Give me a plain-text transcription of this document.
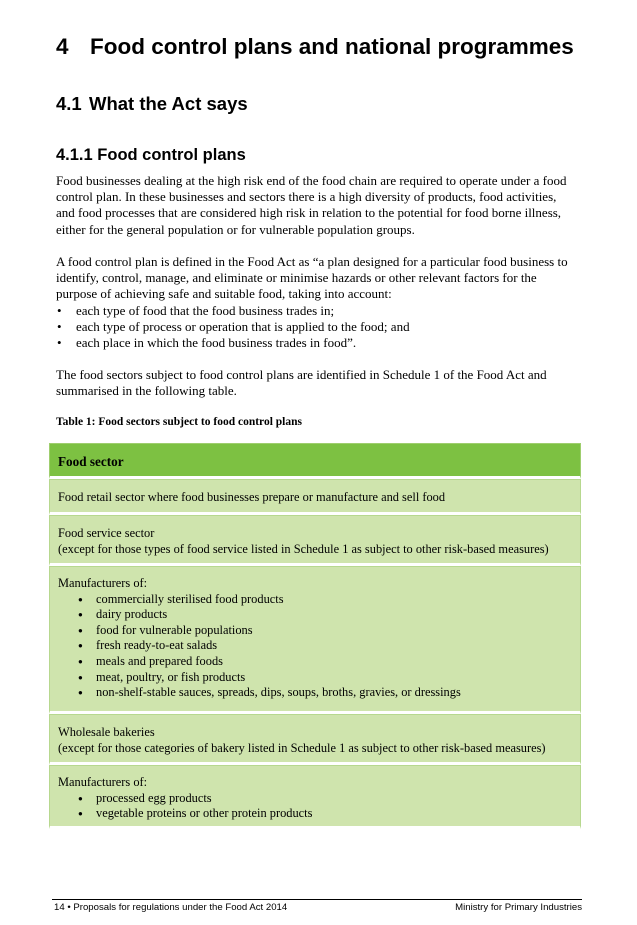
4 Food control plans and national programmes
4.1 What the Act says
4.1.1 Food control plans

Food businesses dealing at the high risk end of the food chain are required to operate under a food control plan. In these businesses and sectors there is a high diversity of products, food activities, and food processes that are considered high risk in relation to the potential for food borne illness, either for the general population or for vulnerable population groups.

A food control plan is defined in the Food Act as “a plan designed for a particular food business to identify, control, manage, and eliminate or minimise hazards or other relevant factors for the purpose of achieving safe and suitable food, taking into account:
• each type of food that the food business trades in;
• each type of process or operation that is applied to the food; and
• each place in which the food business trades in food”.

The food sectors subject to food control plans are identified in Schedule 1 of the Food Act and summarised in the following table.

Table 1: Food sectors subject to food control plans
Food sector
Food retail sector where food businesses prepare or manufacture and sell food
Food service sector
(except for those types of food service listed in Schedule 1 as subject to other risk-based measures)
Manufacturers of:
● commercially sterilised food products
● dairy products
● food for vulnerable populations
● fresh ready-to-eat salads
● meals and prepared foods
● meat, poultry, or fish products
● non-shelf-stable sauces, spreads, dips, soups, broths, gravies, or dressings
Wholesale bakeries
(except for those categories of bakery listed in Schedule 1 as subject to other risk-based measures)
Manufacturers of:
● processed egg products
● vegetable proteins or other protein products
14 • Proposals for regulations under the Food Act 2014	Ministry for Primary Industries
